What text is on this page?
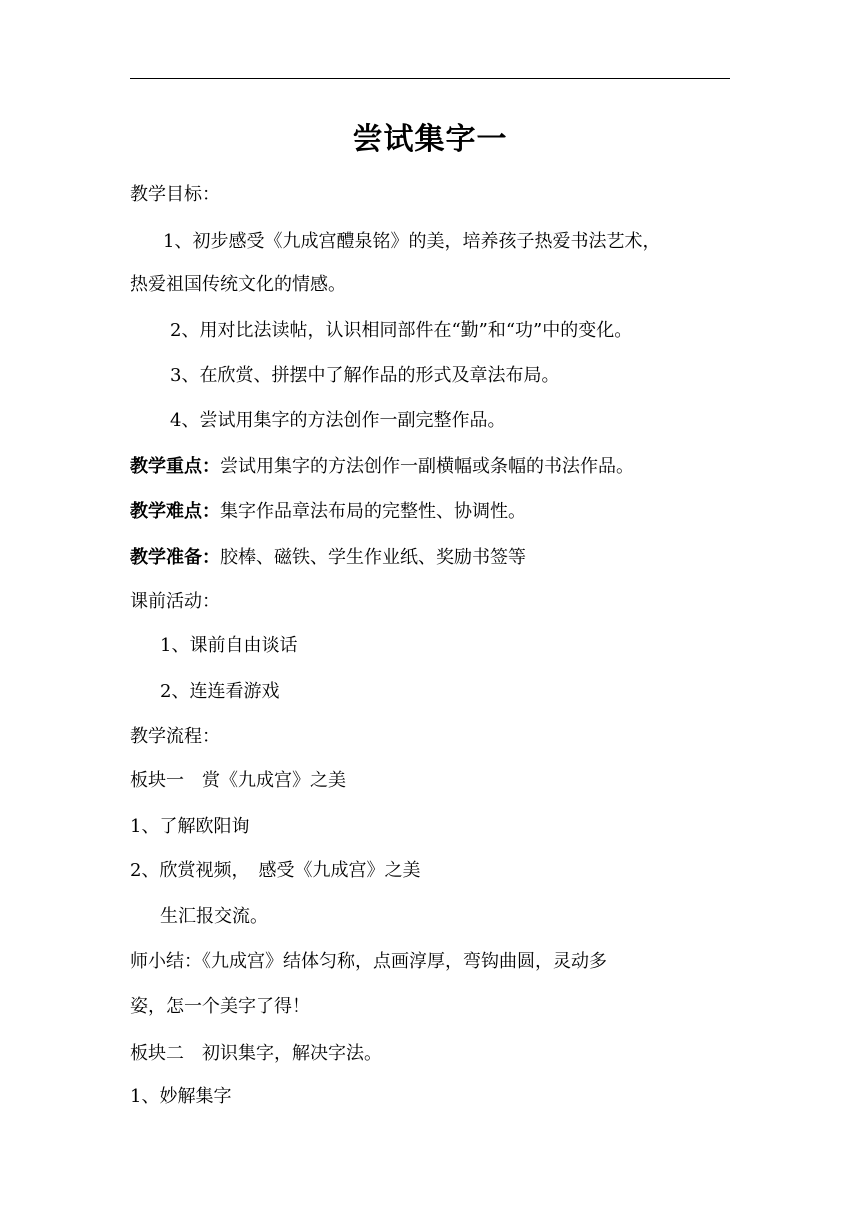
尝试集字一
教学目标：
1、初步感受《九成宫醴泉铭》的美，培养孩子热爱书法艺术，
热爱祖国传统文化的情感。
2、用对比法读帖，认识相同部件在“勤”和“功”中的变化。
3、在欣赏、拼摆中了解作品的形式及章法布局。
4、尝试用集字的方法创作一副完整作品。
教学重点：尝试用集字的方法创作一副横幅或条幅的书法作品。
教学难点：集字作品章法布局的完整性、协调性。
教学准备：胶棒、磁铁、学生作业纸、奖励书签等
课前活动：
1、课前自由谈话
2、连连看游戏
教学流程：
板块一　赏《九成宫》之美
1、了解欧阳询
2、欣赏视频，　感受《九成宫》之美
生汇报交流。
师小结：《九成宫》结体匀称，点画淳厚，弯钩曲圆，灵动多
姿，怎一个美字了得！
板块二　初识集字，解决字法。
1、妙解集字
